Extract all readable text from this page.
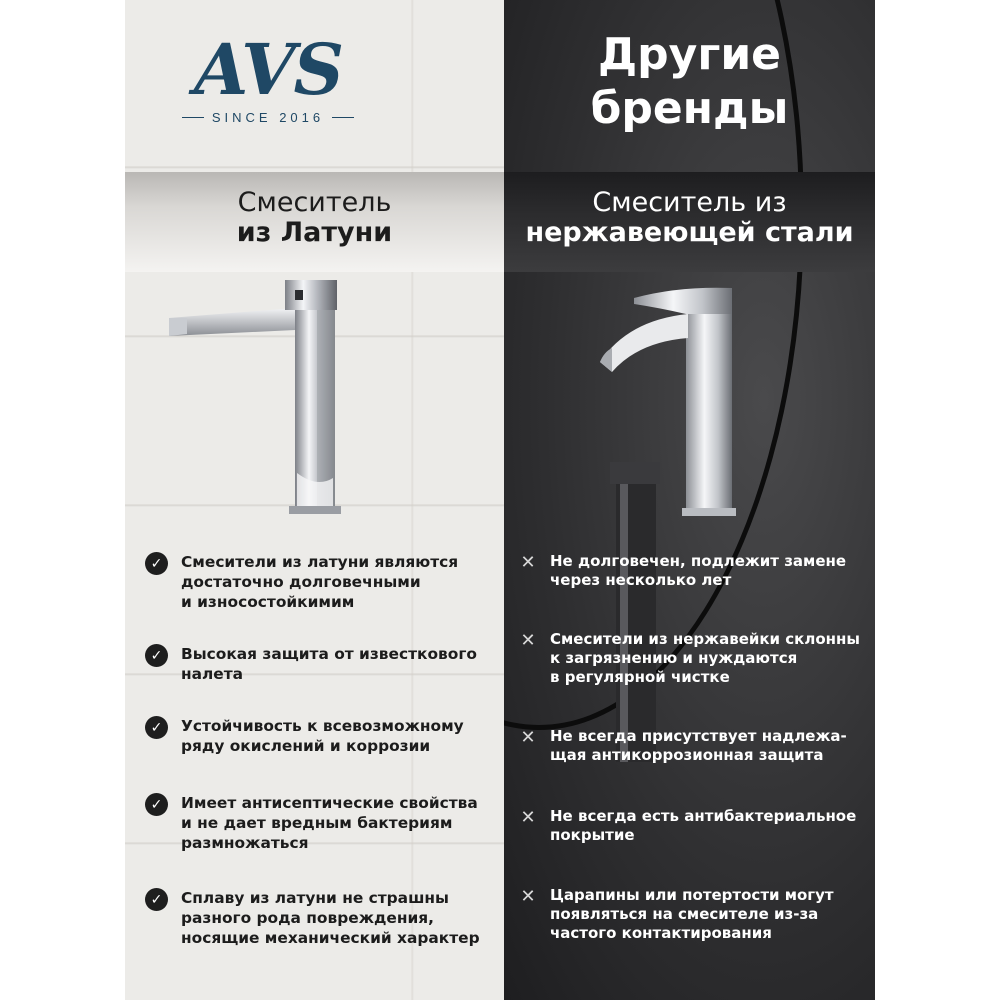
AVS
SINCE 2016
Смеситель
из Латуни
✓	Смесители из латуни являются
достаточно долговечными
и износостойкимим
✓	Высокая защита от известкового
налета
✓	Устойчивость к всевозможному
ряду окислений и коррозии
✓	Имеет антисептические свойства
и не дает вредным бактериям
размножаться
✓	Сплаву из латуни не страшны
разного рода повреждения,
носящие механический характер
Другие
бренды
Смеситель из
нержавеющей стали
✕ Не долговечен, подлежит замене
через несколько лет
✕ Смесители из нержавейки склонны
к загрязнению и нуждаются
в регулярной чистке
✕ Не всегда присутствует надлежа-
щая антикоррозионная защита
✕ Не всегда есть антибактериальное
покрытие
✕ Царапины или потертости могут
появляться на смесителе из-за
частого контактирования
